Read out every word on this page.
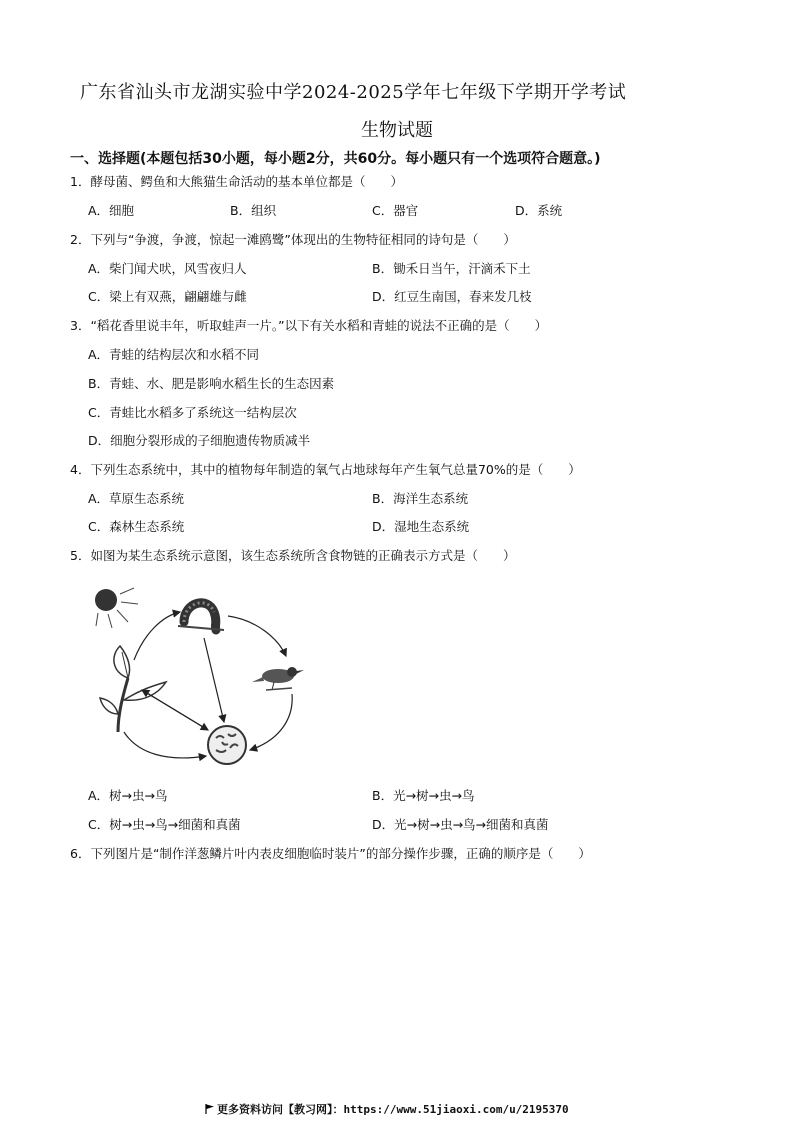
广东省汕头市龙湖实验中学2024-2025学年七年级下学期开学考试
生物试题
一、选择题(本题包括30小题，每小题2分，共60分。每小题只有一个选项符合题意。)
1．酵母菌、鳄鱼和大熊猫生命活动的基本单位都是（　　）
A．细胞	B．组织	C．器官	D．系统
2．下列与“争渡，争渡，惊起一滩鸥鹭”体现出的生物特征相同的诗句是（　　）
A．柴门闻犬吠，风雪夜归人	B．锄禾日当午，汗滴禾下土
C．梁上有双燕，翩翩雄与雌	D．红豆生南国，春来发几枝
3．“稻花香里说丰年，听取蛙声一片。”以下有关水稻和青蛙的说法不正确的是（　　）
A．青蛙的结构层次和水稻不同
B．青蛙、水、肥是影响水稻生长的生态因素
C．青蛙比水稻多了系统这一结构层次
D．细胞分裂形成的子细胞遗传物质减半
4．下列生态系统中，其中的植物每年制造的氧气占地球每年产生氧气总量70%的是（　　）
A．草原生态系统	B．海洋生态系统
C．森林生态系统	D．湿地生态系统
5．如图为某生态系统示意图，该生态系统所含食物链的正确表示方式是（　　）
A．树→虫→鸟	B．光→树→虫→鸟
C．树→虫→鸟→细菌和真菌	D．光→树→虫→鸟→细菌和真菌
6．下列图片是“制作洋葱鳞片叶内表皮细胞临时装片”的部分操作步骤，正确的顺序是（　　）
更多资料访问【教习网】：https://www.51jiaoxi.com/u/2195370
